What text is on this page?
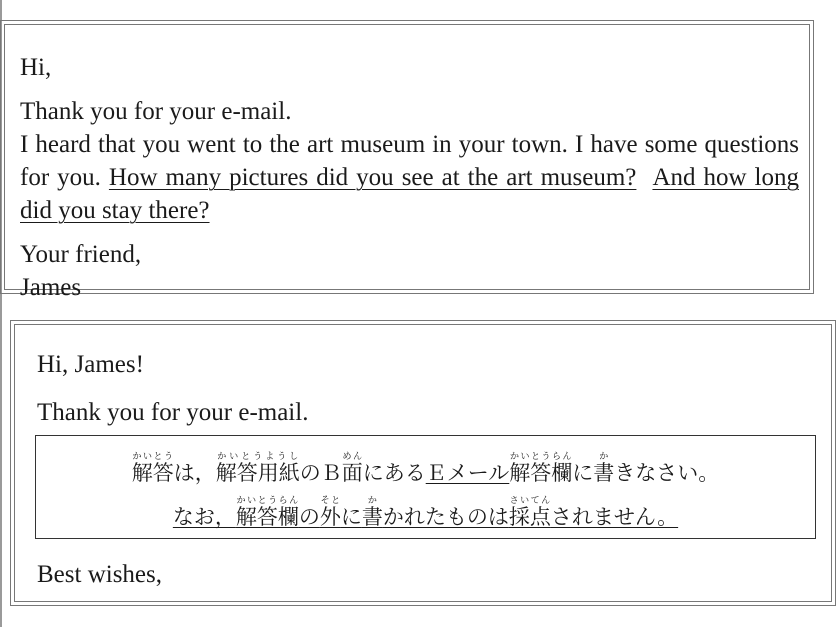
Hi,

Thank you for your e-mail.

I heard that you went to the art museum in your town. I have some questions for you. How many pictures did you see at the art museum? And how long did you stay there?

Your friend,

James

Hi, James!
Thank you for your e-mail.
解答かいとうは，解答用紙かいとうようしのＢ面めんにあるＥメール解答欄かいとうらんに書かきなさい。
なお，解答欄かいとうらんの外そとに書かかれたものは採点さいてんされません。
Best wishes,
